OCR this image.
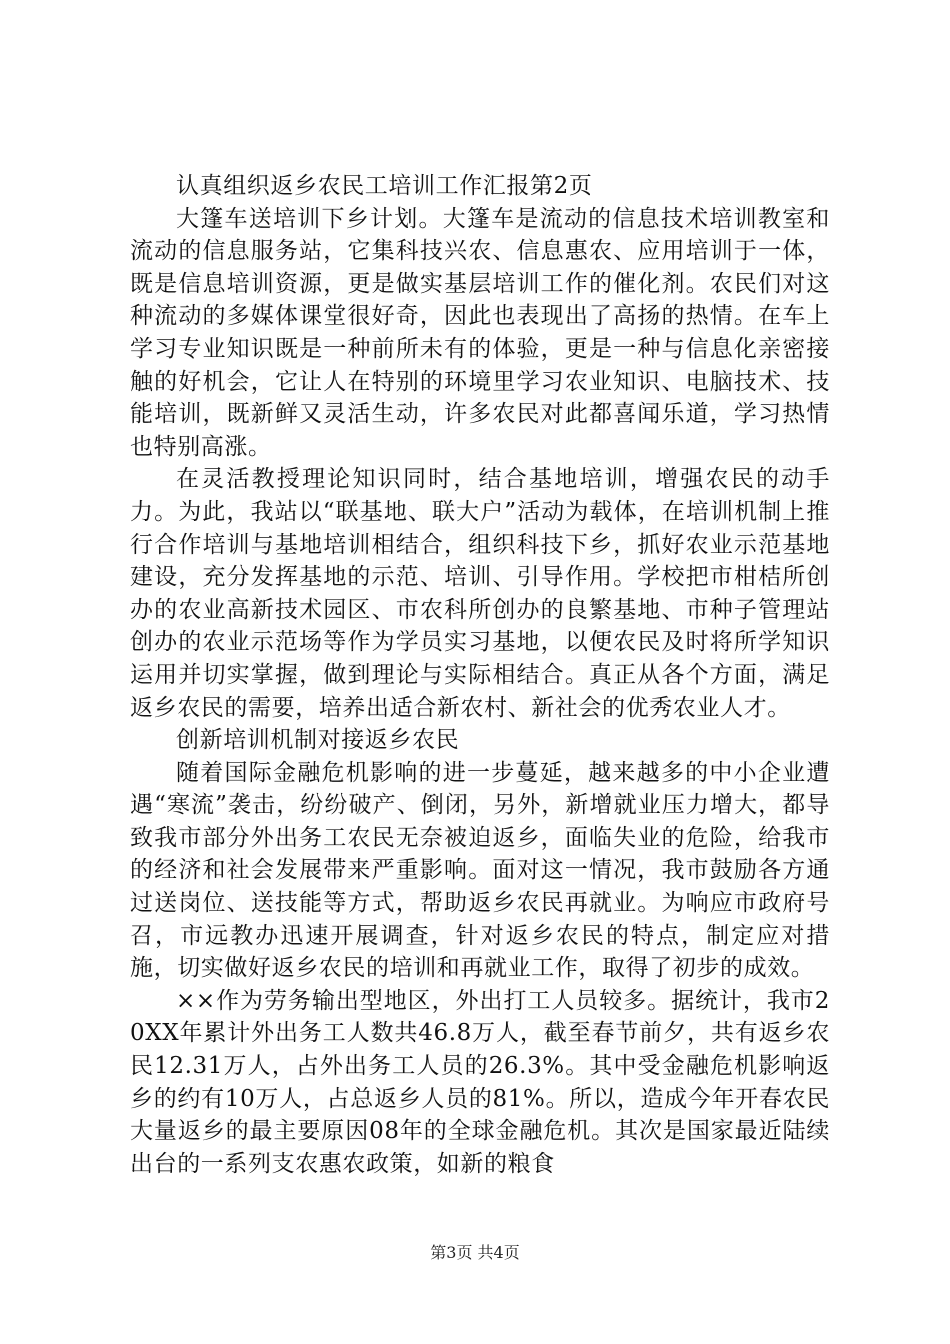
认真组织返乡农民工培训工作汇报第2页

大篷车送培训下乡计划。大篷车是流动的信息技术培训教室和流动的信息服务站，它集科技兴农、信息惠农、应用培训于一体，既是信息培训资源，更是做实基层培训工作的催化剂。农民们对这种流动的多媒体课堂很好奇，因此也表现出了高扬的热情。在车上学习专业知识既是一种前所未有的体验，更是一种与信息化亲密接触的好机会，它让人在特别的环境里学习农业知识、电脑技术、技能培训，既新鲜又灵活生动，许多农民对此都喜闻乐道，学习热情也特别高涨。

在灵活教授理论知识同时，结合基地培训，增强农民的动手力。为此，我站以“联基地、联大户”活动为载体，在培训机制上推行合作培训与基地培训相结合，组织科技下乡，抓好农业示范基地建设，充分发挥基地的示范、培训、引导作用。学校把市柑桔所创办的农业高新技术园区、市农科所创办的良繁基地、市种子管理站创办的农业示范场等作为学员实习基地，以便农民及时将所学知识运用并切实掌握，做到理论与实际相结合。真正从各个方面，满足返乡农民的需要，培养出适合新农村、新社会的优秀农业人才。

创新培训机制对接返乡农民

随着国际金融危机影响的进一步蔓延，越来越多的中小企业遭遇“寒流”袭击，纷纷破产、倒闭，另外，新增就业压力增大，都导致我市部分外出务工农民无奈被迫返乡，面临失业的危险，给我市的经济和社会发展带来严重影响。面对这一情况，我市鼓励各方通过送岗位、送技能等方式，帮助返乡农民再就业。为响应市政府号召，市远教办迅速开展调查，针对返乡农民的特点，制定应对措施，切实做好返乡农民的培训和再就业工作，取得了初步的成效。

××作为劳务输出型地区，外出打工人员较多。据统计，我市20XX年累计外出务工人数共46.8万人，截至春节前夕，共有返乡农民12.31万人，占外出务工人员的26.3%。其中受金融危机影响返乡的约有10万人，占总返乡人员的81%。所以，造成今年开春农民大量返乡的最主要原因08年的全球金融危机。其次是国家最近陆续出台的一系列支农惠农政策，如新的粮食

第3页 共4页
